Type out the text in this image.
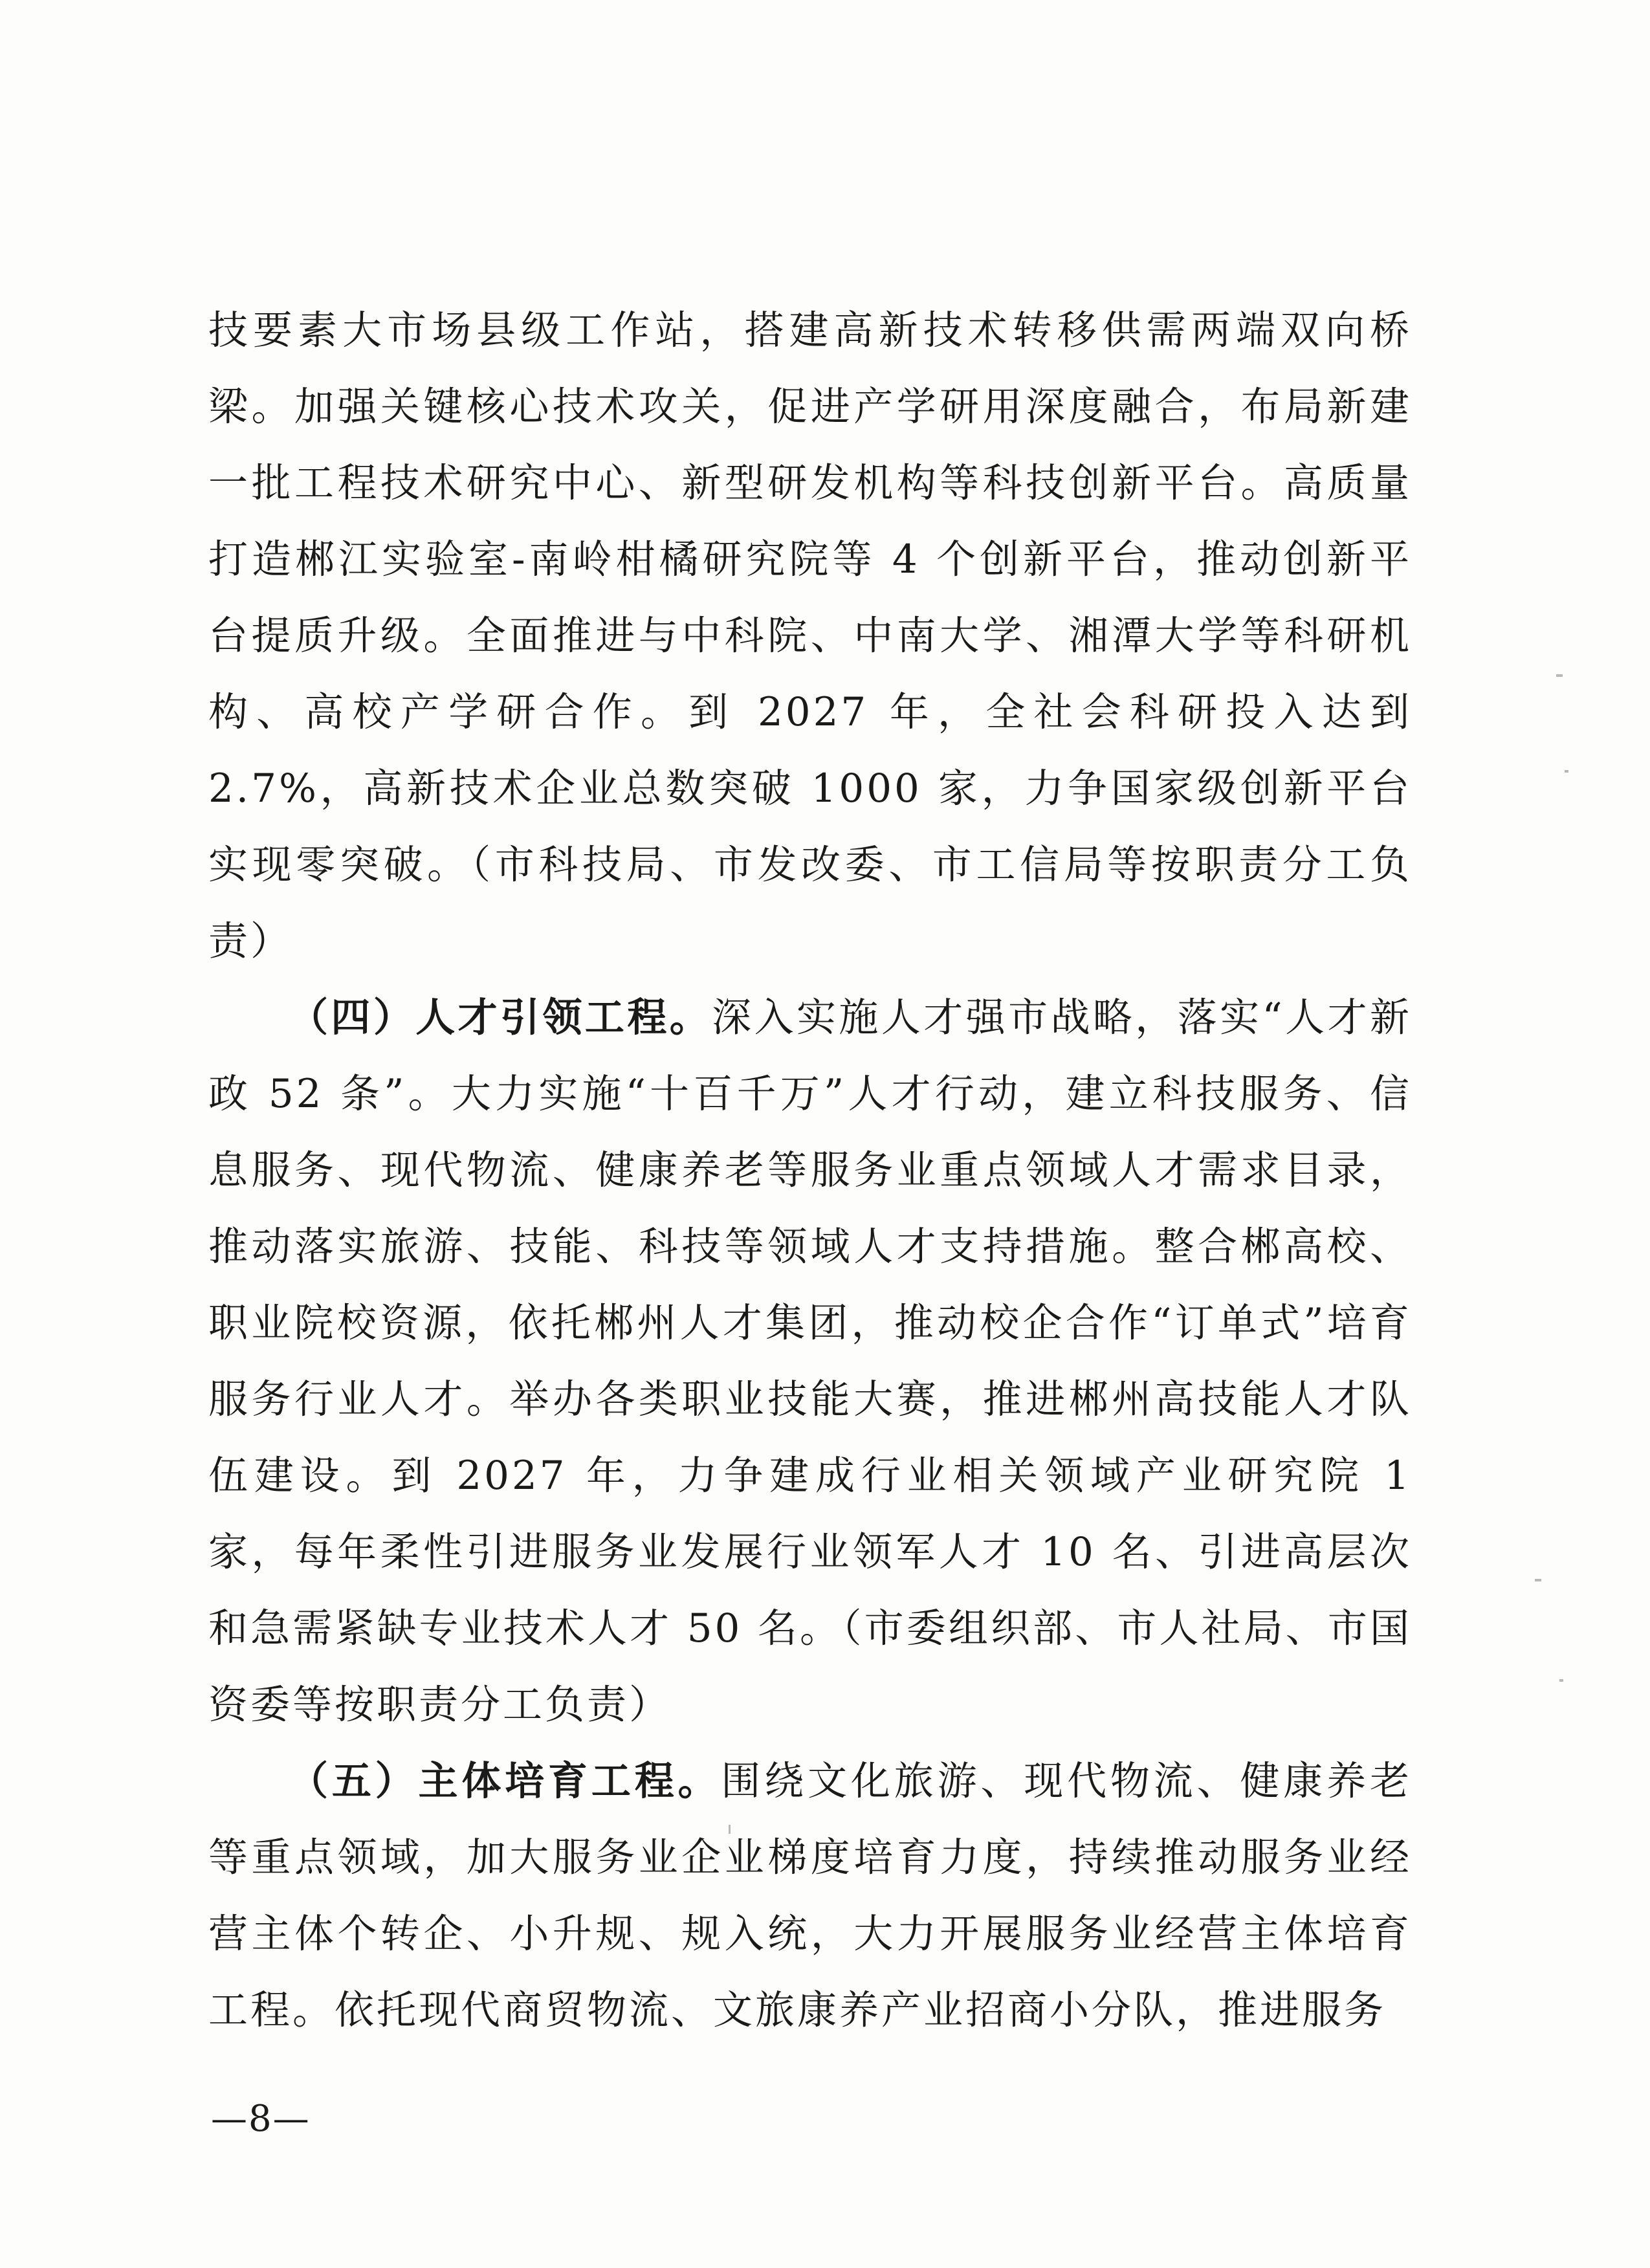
技要素大市场县级工作站，搭建高新技术转移供需两端双向桥梁。加强关键核心技术攻关，促进产学研用深度融合，布局新建一批工程技术研究中心、新型研发机构等科技创新平台。高质量打造郴江实验室-南岭柑橘研究院等 4 个创新平台，推动创新平台提质升级。全面推进与中科院、中南大学、湘潭大学等科研机构、高校产学研合作。到 2027 年，全社会科研投入达到 2.7%，高新技术企业总数突破 1000 家，力争国家级创新平台实现零突破。（市科技局、市发改委、市工信局等按职责分工负责）

（四）人才引领工程。深入实施人才强市战略，落实“人才新政 52 条”。大力实施“十百千万”人才行动，建立科技服务、信息服务、现代物流、健康养老等服务业重点领域人才需求目录，推动落实旅游、技能、科技等领域人才支持措施。整合郴高校、职业院校资源，依托郴州人才集团，推动校企合作“订单式”培育服务行业人才。举办各类职业技能大赛，推进郴州高技能人才队伍建设。到 2027 年，力争建成行业相关领域产业研究院 1 家，每年柔性引进服务业发展行业领军人才 10 名、引进高层次和急需紧缺专业技术人才 50 名。（市委组织部、市人社局、市国资委等按职责分工负责）

（五）主体培育工程。围绕文化旅游、现代物流、健康养老等重点领域，加大服务业企业梯度培育力度，持续推动服务业经营主体个转企、小升规、规入统，大力开展服务业经营主体培育工程。依托现代商贸物流、文旅康养产业招商小分队，推进服务

—8—
